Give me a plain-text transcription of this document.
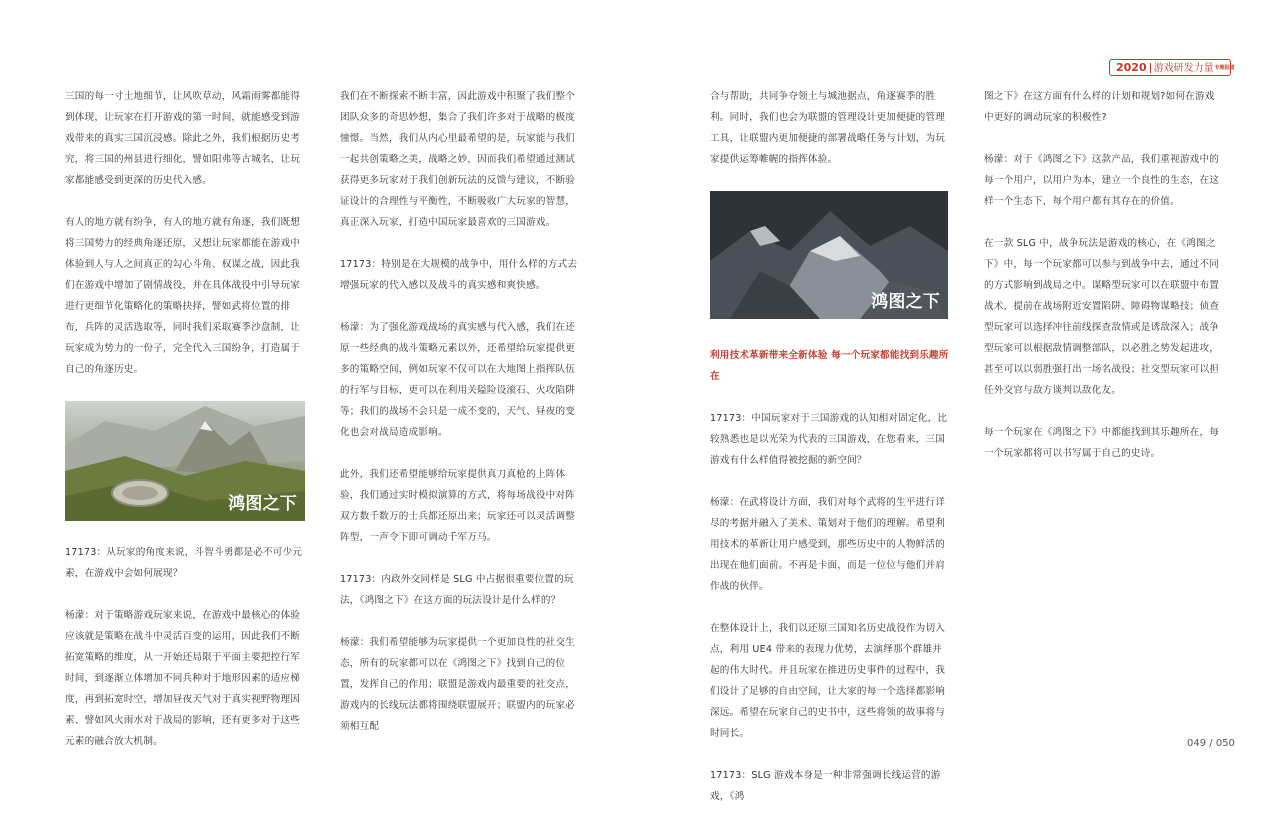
2020 游戏研发力量专题报道

三国的每一寸土地细节，让风吹草动，风霜雨雾都能得到体现，让玩家在打开游戏的第一时间，就能感受到游戏带来的真实三国沉浸感。除此之外，我们根据历史考究，将三国的州县进行细化，譬如阳弗等古城名，让玩家都能感受到更深的历史代入感。

有人的地方就有纷争，有人的地方就有角逐，我们既想将三国势力的经典角逐还原，又想让玩家都能在游戏中体验到人与人之间真正的勾心斗角、权谋之战，因此我们在游戏中增加了剧情战役，并在具体战役中引导玩家进行更细节化策略化的策略抉择，譬如武将位置的排布，兵阵的灵活选取等，同时我们采取赛季沙盘制，让玩家成为势力的一份子，完全代入三国纷争，打造属于自己的角逐历史。

鸿图之下

17173：从玩家的角度来说，斗智斗勇都是必不可少元素，在游戏中会如何展现？

杨濛：对于策略游戏玩家来说，在游戏中最核心的体验应该就是策略在战斗中灵活百变的运用，因此我们不断拓宽策略的维度，从一开始还局限于平面主要把控行军时间，到逐渐立体增加不同兵种对于地形因素的适应梯度，再到拓宽时空，增加昼夜天气对于真实视野物理因素、譬如风火雨水对于战局的影响，还有更多对于这些元素的融合放大机制。

我们在不断探索不断丰富，因此游戏中积聚了我们整个团队众多的奇思妙想，集合了我们许多对于战略的极度憧憬。当然，我们从内心里最希望的是，玩家能与我们一起共创策略之美，战略之妙，因而我们希望通过测试获得更多玩家对于我们创新玩法的反馈与建议，不断验证设计的合理性与平衡性，不断吸收广大玩家的智慧，真正深入玩家，打造中国玩家最喜欢的三国游戏。

17173：特别是在大规模的战争中，用什么样的方式去增强玩家的代入感以及战斗的真实感和爽快感。

杨濛：为了强化游戏战场的真实感与代入感，我们在还原一些经典的战斗策略元素以外，还希望给玩家提供更多的策略空间，例如玩家不仅可以在大地图上指挥队伍的行军与目标，更可以在利用关隘险设滚石、火攻陷阱等；我们的战场不会只是一成不变的，天气、昼夜的变化也会对战局造成影响。

此外，我们还希望能够给玩家提供真刀真枪的上阵体验，我们通过实时模拟演算的方式，将每场战役中对阵双方数千数万的士兵都还原出来；玩家还可以灵活调整阵型，一声令下即可调动千军万马。

17173：内政外交同样是 SLG 中占据很重要位置的玩法，《鸿图之下》在这方面的玩法设计是什么样的？

杨濛：我们希望能够为玩家提供一个更加良性的社交生态，所有的玩家都可以在《鸿图之下》找到自己的位置，发挥自己的作用；联盟是游戏内最重要的社交点，游戏内的长线玩法都将围绕联盟展开；联盟内的玩家必须相互配

合与帮助，共同争夺领土与城池据点，角逐赛季的胜利。同时，我们也会为联盟的管理设计更加便捷的管理工具，让联盟内更加便捷的部署战略任务与计划，为玩家提供运筹帷幄的指挥体验。

鸿图之下

利用技术革新带来全新体验 每一个玩家都能找到乐趣所在

17173：中国玩家对于三国游戏的认知相对固定化，比较熟悉也是以光荣为代表的三国游戏，在您看来，三国游戏有什么样值得被挖掘的新空间？

杨濛：在武将设计方面，我们对每个武将的生平进行详尽的考据并融入了美术、策划对于他们的理解。希望利用技术的革新让用户感受到，那些历史中的人物鲜活的出现在他们面前。不再是卡面，而是一位位与他们并肩作战的伙伴。

在整体设计上，我们以还原三国知名历史战役作为切入点，利用 UE4 带来的表现力优势，去演绎那个群雄并起的伟大时代。并且玩家在推进历史事件的过程中，我们设计了足够的自由空间，让大家的每一个选择都影响深远。希望在玩家自己的史书中，这些将领的故事将与时同长。

17173：SLG 游戏本身是一种非常强调长线运营的游戏，《鸿

图之下》在这方面有什么样的计划和规划?如何在游戏中更好的调动玩家的积极性?

杨濛：对于《鸿图之下》这款产品，我们重视游戏中的每一个用户，以用户为本，建立一个良性的生态，在这样一个生态下，每个用户都有其存在的价值。

在一款 SLG 中，战争玩法是游戏的核心，在《鸿图之下》中，每一个玩家都可以参与到战争中去，通过不同的方式影响到战局之中。谋略型玩家可以在联盟中布置战术，提前在战场附近安置陷阱、障碍物谋略技；侦查型玩家可以选择冲往前线探查敌情或是诱敌深入；战争型玩家可以根据敌情调整部队，以必胜之势发起进攻，甚至可以以弱胜强打出一场名战役；社交型玩家可以担任外交官与敌方谈判以敌化友。

每一个玩家在《鸿图之下》中都能找到其乐趣所在，每一个玩家都将可以书写属于自己的史诗。

049 / 050
